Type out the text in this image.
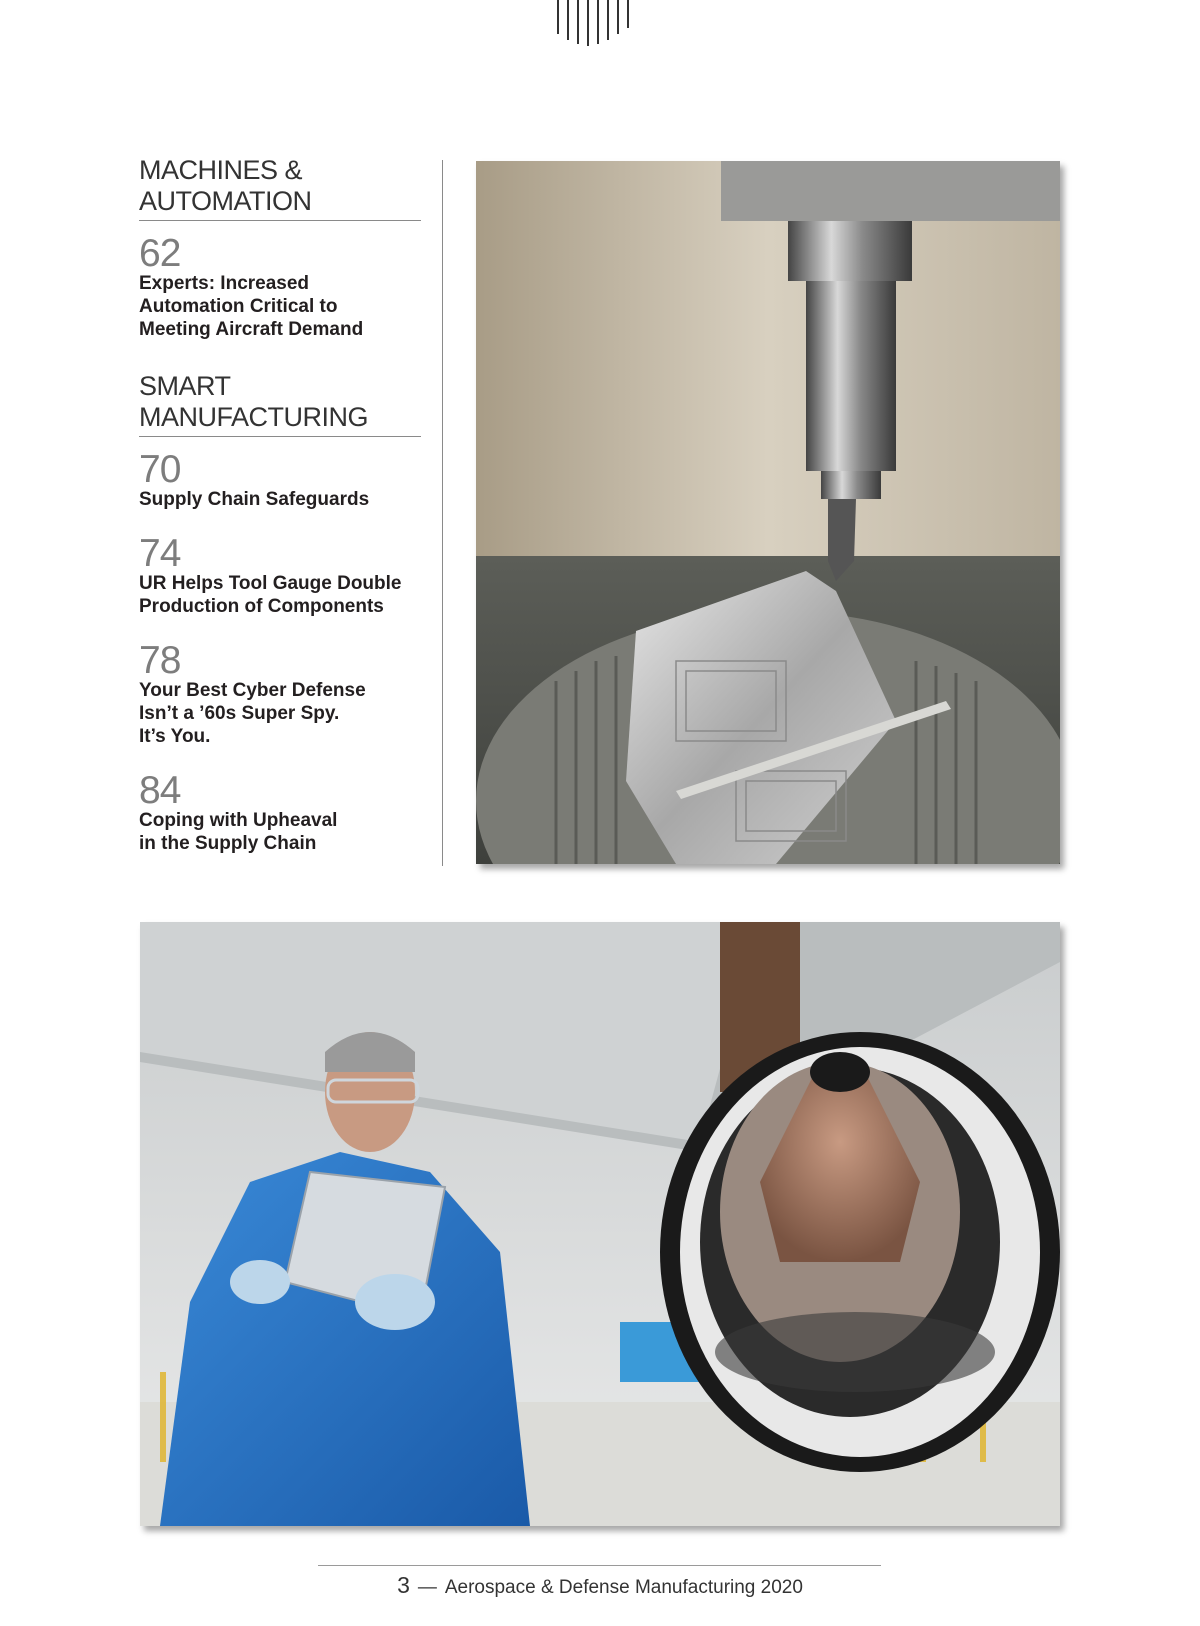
MACHINES &
AUTOMATION
62
Experts: Increased
Automation Critical to
Meeting Aircraft Demand
SMART
MANUFACTURING
70
Supply Chain Safeguards
74
UR Helps Tool Gauge Double
Production of Components
78
Your Best Cyber Defense
Isn’t a ’60s Super Spy.
It’s You.
84
Coping with Upheaval
in the Supply Chain
3 — Aerospace & Defense Manufacturing 2020
